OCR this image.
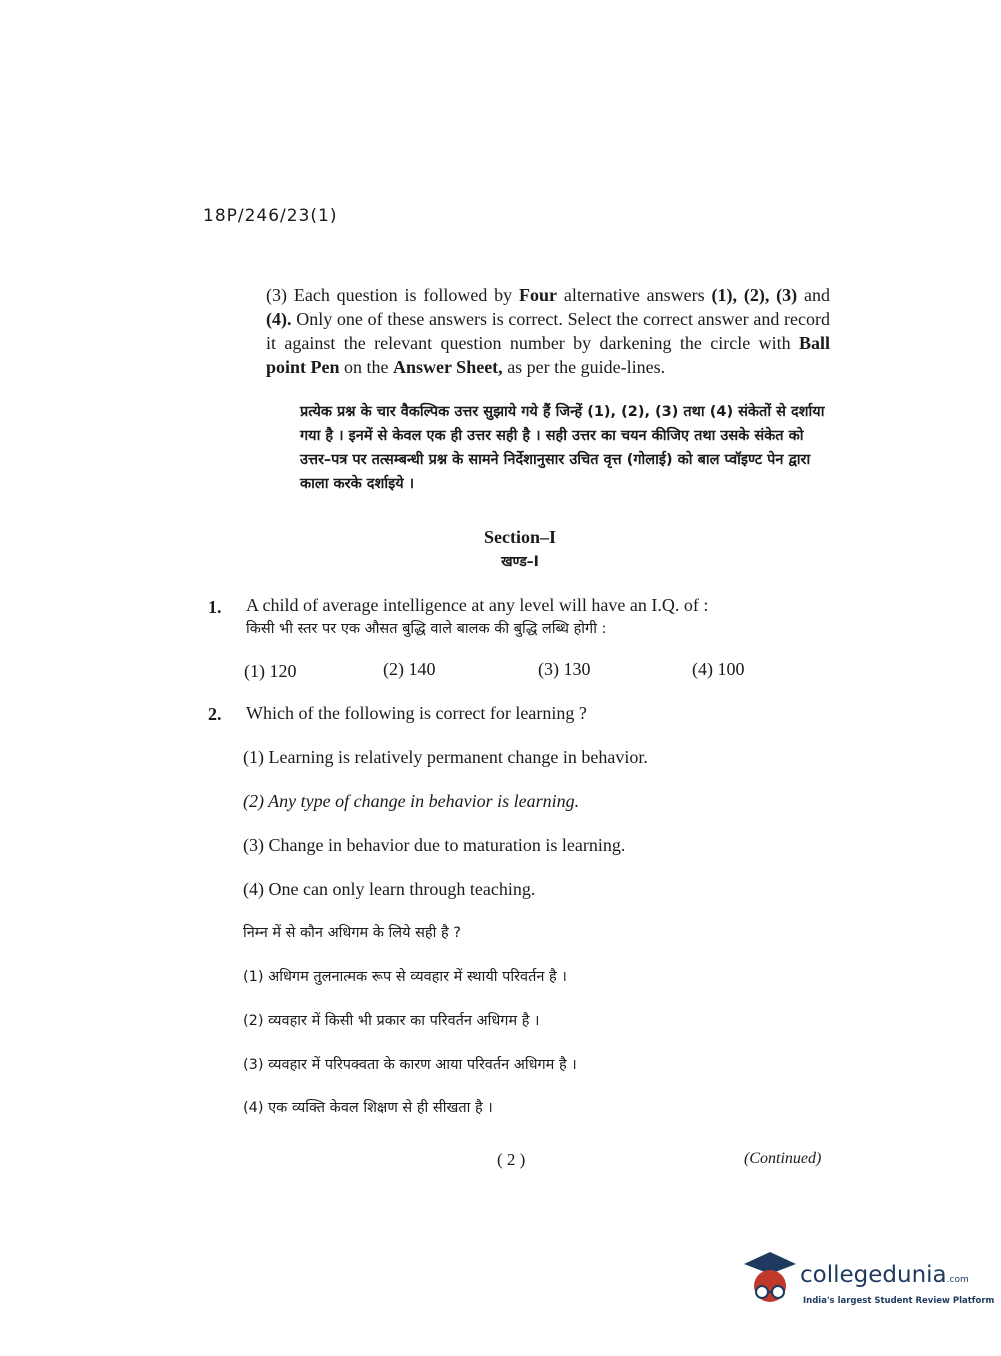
18P/246/23(1)
(3) Each question is followed by Four alternative answers (1), (2), (3) and (4). Only one of these answers is correct. Select the correct answer and record it against the relevant question number by darkening the circle with Ball point Pen on the Answer Sheet, as per the guide-lines.
प्रत्येक प्रश्न के चार वैकल्पिक उत्तर सुझाये गये हैं जिन्हें (1), (2), (3) तथा (4) संकेतों से दर्शाया गया है । इनमें से केवल एक ही उत्तर सही है । सही उत्तर का चयन कीजिए तथा उसके संकेत को उत्तर–पत्र पर तत्सम्बन्धी प्रश्न के सामने निर्देशानुसार उचित वृत्त (गोलाई) को बाल प्वॉइण्ट पेन द्वारा काला करके दर्शाइये ।
Section–I
खण्ड–I
1. A child of average intelligence at any level will have an I.Q. of :
किसी भी स्तर पर एक औसत बुद्धि वाले बालक की बुद्धि लब्धि होगी :
(1) 120	(2) 140	(3) 130	(4) 100
2. Which of the following is correct for learning ?
(1) Learning is relatively permanent change in behavior.
(2) Any type of change in behavior is learning.
(3) Change in behavior due to maturation is learning.
(4) One can only learn through teaching.
निम्न में से कौन अधिगम के लिये सही है ?
(1) अधिगम तुलनात्मक रूप से व्यवहार में स्थायी परिवर्तन है ।
(2) व्यवहार में किसी भी प्रकार का परिवर्तन अधिगम है ।
(3) व्यवहार में परिपक्वता के कारण आया परिवर्तन अधिगम है ।
(4) एक व्यक्ति केवल शिक्षण से ही सीखता है ।
( 2 )	(Continued)
collegedunia.com
India's largest Student Review Platform
